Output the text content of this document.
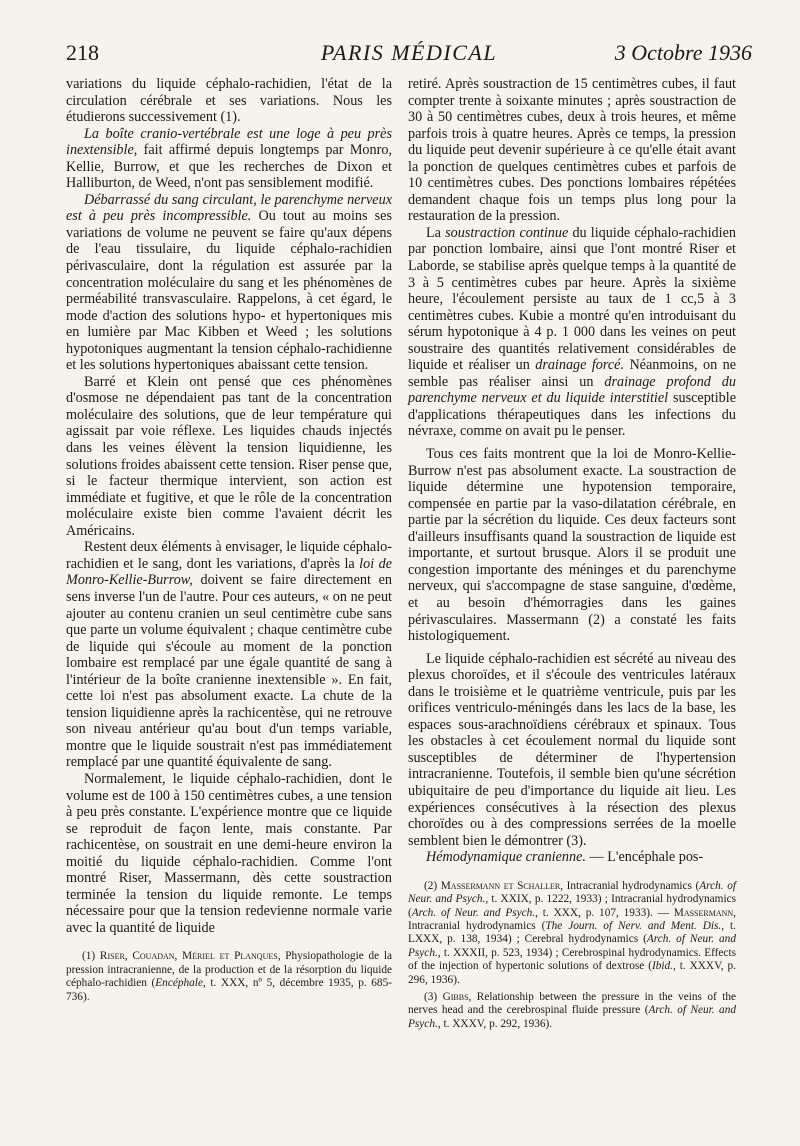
218	PARIS MÉDICAL	3 Octobre 1936

variations du liquide céphalo-rachidien, l'état de la circulation cérébrale et ses variations. Nous les étudierons successivement (1).

La boîte cranio-vertébrale est une loge à peu près inextensible, fait affirmé depuis longtemps par Monro, Kellie, Burrow, et que les recherches de Dixon et Halliburton, de Weed, n'ont pas sensiblement modifié.

Débarrassé du sang circulant, le parenchyme nerveux est à peu près incompressible. Ou tout au moins ses variations de volume ne peuvent se faire qu'aux dépens de l'eau tissulaire, du liquide céphalo-rachidien périvasculaire, dont la régulation est assurée par la concentration moléculaire du sang et les phénomènes de perméabilité transvasculaire. Rappelons, à cet égard, le mode d'action des solutions hypo- et hypertoniques mis en lumière par Mac Kibben et Weed ; les solutions hypotoniques augmentant la tension céphalo-rachidienne et les solutions hypertoniques abaissant cette tension.

Barré et Klein ont pensé que ces phénomènes d'osmose ne dépendaient pas tant de la concentration moléculaire des solutions, que de leur température qui agissait par voie réflexe. Les liquides chauds injectés dans les veines élèvent la tension liquidienne, les solutions froides abaissent cette tension. Riser pense que, si le facteur thermique intervient, son action est immédiate et fugitive, et que le rôle de la concentration moléculaire existe bien comme l'avaient décrit les Américains.

Restent deux éléments à envisager, le liquide céphalo-rachidien et le sang, dont les variations, d'après la loi de Monro-Kellie-Burrow, doivent se faire directement en sens inverse l'un de l'autre. Pour ces auteurs, « on ne peut ajouter au contenu cranien un seul centimètre cube sans que parte un volume équivalent ; chaque centimètre cube de liquide qui s'écoule au moment de la ponction lombaire est remplacé par une égale quantité de sang à l'intérieur de la boîte cranienne inextensible ». En fait, cette loi n'est pas absolument exacte. La chute de la tension liquidienne après la rachicentèse, qui ne retrouve son niveau antérieur qu'au bout d'un temps variable, montre que le liquide soustrait n'est pas immédiatement remplacé par une quantité équivalente de sang.

Normalement, le liquide céphalo-rachidien, dont le volume est de 100 à 150 centimètres cubes, a une tension à peu près constante. L'expérience montre que ce liquide se reproduit de façon lente, mais constante. Par rachicentèse, on soustrait en une demi-heure environ la moitié du liquide céphalo-rachidien. Comme l'ont montré Riser, Massermann, dès cette soustraction terminée la tension du liquide remonte. Le temps nécessaire pour que la tension redevienne normale varie avec la quantité de liquide

(1) Riser, Couadan, Mériel et Planques, Physiopathologie de la pression intracranienne, de la production et de la résorption du liquide céphalo-rachidien (Encéphale, t. XXX, nº 5, décembre 1935, p. 685-736).

retiré. Après soustraction de 15 centimètres cubes, il faut compter trente à soixante minutes ; après soustraction de 30 à 50 centimètres cubes, deux à trois heures, et même parfois trois à quatre heures. Après ce temps, la pression du liquide peut devenir supérieure à ce qu'elle était avant la ponction de quelques centimètres cubes et parfois de 10 centimètres cubes. Des ponctions lombaires répétées demandent chaque fois un temps plus long pour la restauration de la pression.

La soustraction continue du liquide céphalo-rachidien par ponction lombaire, ainsi que l'ont montré Riser et Laborde, se stabilise après quelque temps à la quantité de 3 à 5 centimètres cubes par heure. Après la sixième heure, l'écoulement persiste au taux de 1 cc,5 à 3 centimètres cubes. Kubie a montré qu'en introduisant du sérum hypotonique à 4 p. 1 000 dans les veines on peut soustraire des quantités relativement considérables de liquide et réaliser un drainage forcé. Néanmoins, on ne semble pas réaliser ainsi un drainage profond du parenchyme nerveux et du liquide interstitiel susceptible d'applications thérapeutiques dans les infections du névraxe, comme on avait pu le penser.

Tous ces faits montrent que la loi de Monro-Kellie-Burrow n'est pas absolument exacte. La soustraction de liquide détermine une hypotension temporaire, compensée en partie par la vaso-dilatation cérébrale, en partie par la sécrétion du liquide. Ces deux facteurs sont d'ailleurs insuffisants quand la soustraction de liquide est importante, et surtout brusque. Alors il se produit une congestion importante des méninges et du parenchyme nerveux, qui s'accompagne de stase sanguine, d'œdème, et au besoin d'hémorragies dans les gaines périvasculaires. Massermann (2) a constaté les faits histologiquement.

Le liquide céphalo-rachidien est sécrété au niveau des plexus choroïdes, et il s'écoule des ventricules latéraux dans le troisième et le quatrième ventricule, puis par les orifices ventriculo-méningés dans les lacs de la base, les espaces sous-arachnoïdiens cérébraux et spinaux. Tous les obstacles à cet écoulement normal du liquide sont susceptibles de déterminer de l'hypertension intracranienne. Toutefois, il semble bien qu'une sécrétion ubiquitaire de peu d'importance du liquide ait lieu. Les expériences consécutives à la résection des plexus choroïdes ou à des compressions serrées de la moelle semblent bien le démontrer (3).

Hémodynamique cranienne. — L'encéphale pos-

(2) Massermann et Schaller, Intracranial hydrodynamics (Arch. of Neur. and Psych., t. XXIX, p. 1222, 1933) ; Intracranial hydrodynamics (Arch. of Neur. and Psych., t. XXX, p. 107, 1933). — Massermann, Intracranial hydrodynamics (The Journ. of Nerv. and Ment. Dis., t. LXXX, p. 138, 1934) ; Cerebral hydrodynamics (Arch. of Neur. and Psych., t. XXXII, p. 523, 1934) ; Cerebrospinal hydrodynamics. Effects of the injection of hypertonic solutions of dextrose (Ibid., t. XXXV, p. 296, 1936).

(3) Gibbs, Relationship between the pressure in the veins of the nerves head and the cerebrospinal fluide pressure (Arch. of Neur. and Psych., t. XXXV, p. 292, 1936).
